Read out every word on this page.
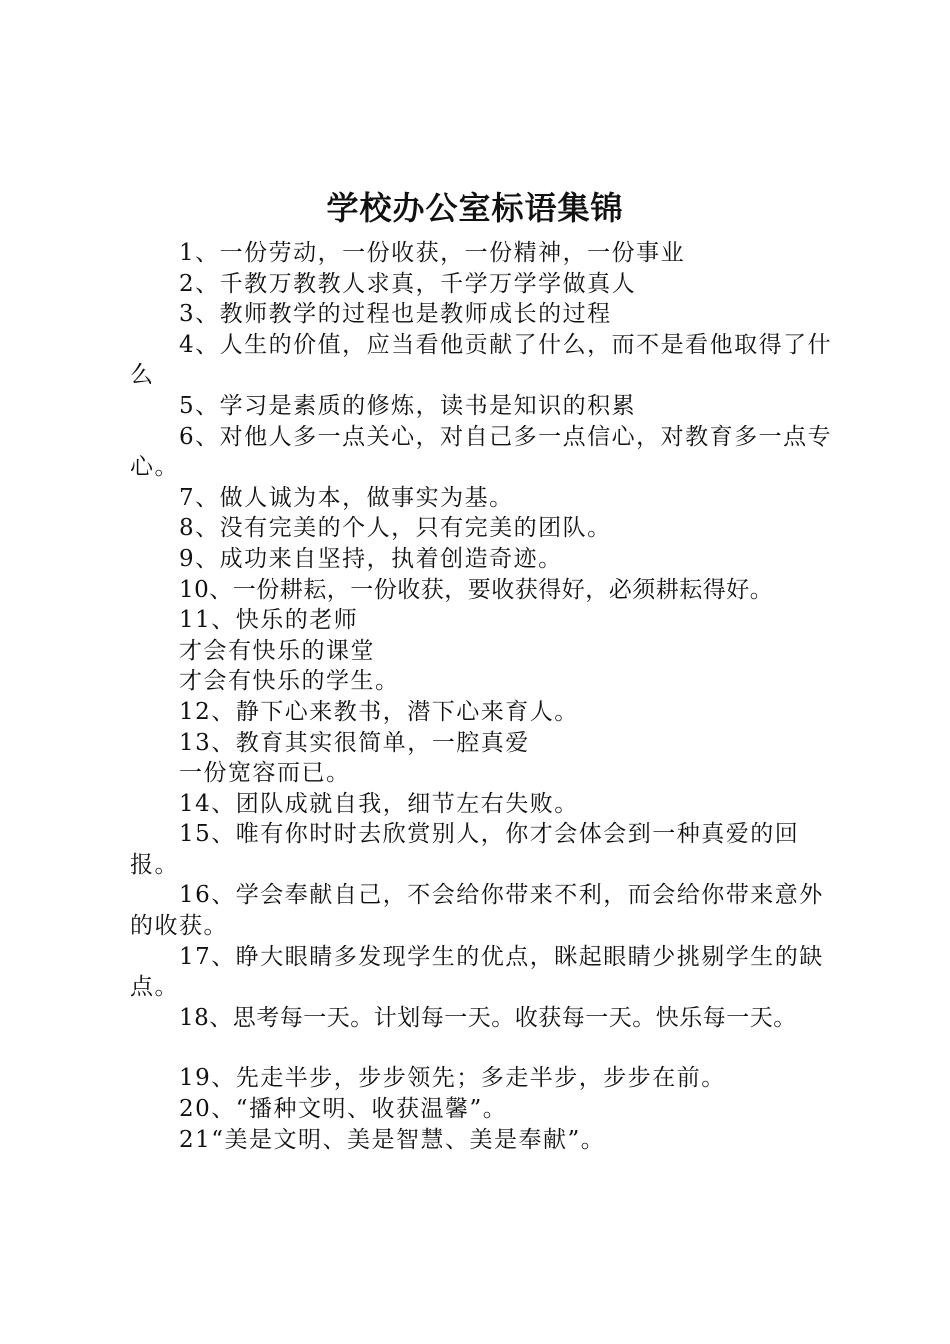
学校办公室标语集锦

1、一份劳动，一份收获，一份精神，一份事业

2、千教万教教人求真，千学万学学做真人

3、教师教学的过程也是教师成长的过程

4、人生的价值，应当看他贡献了什么，而不是看他取得了什么

5、学习是素质的修炼，读书是知识的积累

6、对他人多一点关心，对自己多一点信心，对教育多一点专心。

7、做人诚为本，做事实为基。

8、没有完美的个人，只有完美的团队。

9、成功来自坚持，执着创造奇迹。

10、一份耕耘，一份收获，要收获得好，必须耕耘得好。

11、快乐的老师

才会有快乐的课堂

才会有快乐的学生。

12、静下心来教书，潜下心来育人。

13、教育其实很简单，一腔真爱

一份宽容而已。

14、团队成就自我，细节左右失败。

15、唯有你时时去欣赏别人，你才会体会到一种真爱的回报。

16、学会奉献自己，不会给你带来不利，而会给你带来意外的收获。

17、睁大眼睛多发现学生的优点，眯起眼睛少挑剔学生的缺点。

18、思考每一天。计划每一天。收获每一天。快乐每一天。

19、先走半步，步步领先；多走半步，步步在前。

20、“播种文明、收获温馨”。

21“美是文明、美是智慧、美是奉献”。
